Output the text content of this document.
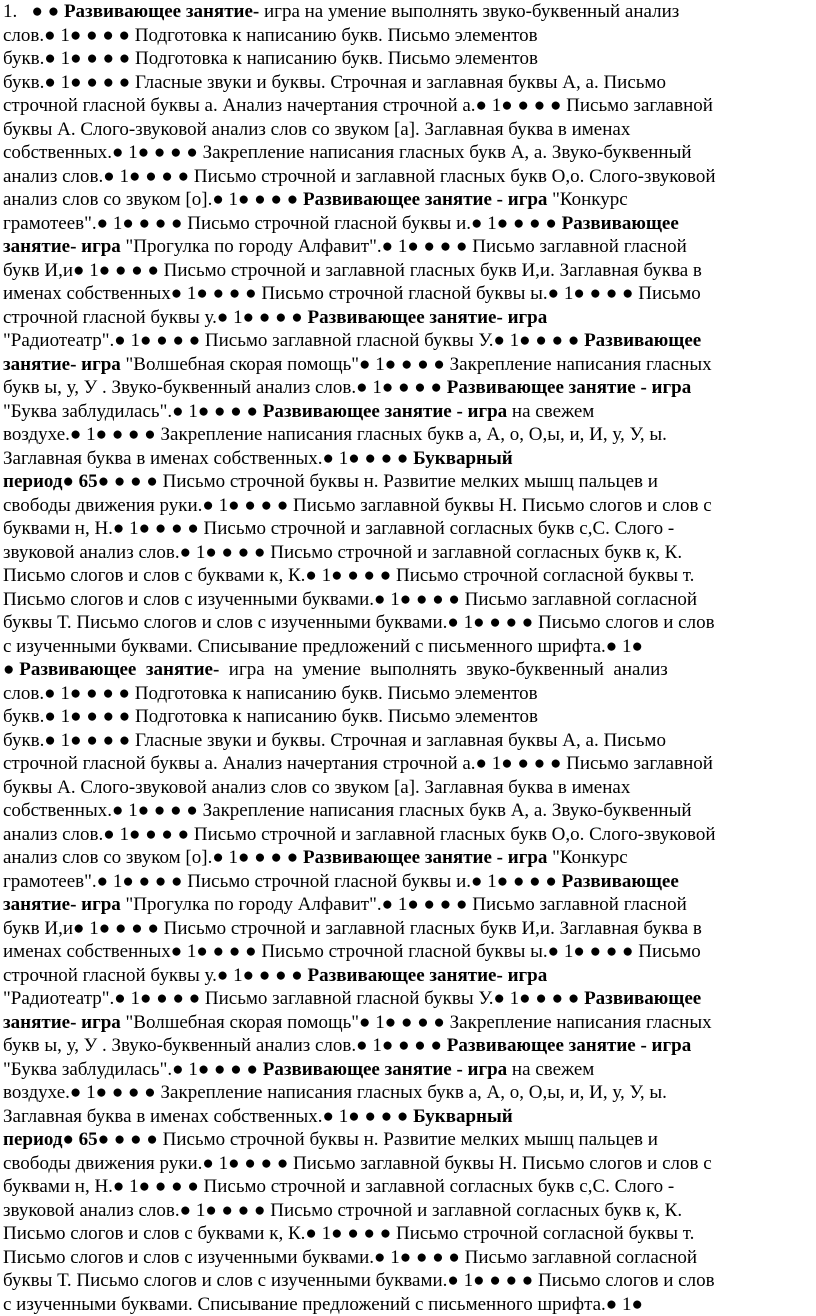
1.   ● ● Развивающее занятие- игра на умение выполнять звуко-буквенный анализ
слов.● 1● ● ● ● Подготовка к написанию букв. Письмо элементов
букв.● 1● ● ● ● Подготовка к написанию букв. Письмо элементов
букв.● 1● ● ● ● Гласные звуки и буквы. Строчная и заглавная буквы А, а. Письмо
строчной гласной буквы а. Анализ начертания строчной а.● 1● ● ● ● Письмо заглавной
буквы А. Слого-звуковой анализ слов со звуком [а]. Заглавная буква в именах
собственных.● 1● ● ● ● Закрепление написания гласных букв А, а. Звуко-буквенный
анализ слов.● 1● ● ● ● Письмо строчной и заглавной гласных букв О,о. Слого-звуковой
анализ слов со звуком [о].● 1● ● ● ● Развивающее занятие - игра "Конкурс
грамотеев".● 1● ● ● ● Письмо строчной гласной буквы и.● 1● ● ● ● Развивающее
занятие- игра "Прогулка по городу Алфавит".● 1● ● ● ● Письмо заглавной гласной
букв И,и● 1● ● ● ● Письмо строчной и заглавной гласных букв И,и. Заглавная буква в
именах собственных● 1● ● ● ● Письмо строчной гласной буквы ы.● 1● ● ● ● Письмо
строчной гласной буквы у.● 1● ● ● ● Развивающее занятие- игра
"Радиотеатр".● 1● ● ● ● Письмо заглавной гласной буквы У.● 1● ● ● ● Развивающее
занятие- игра "Волшебная скорая помощь"● 1● ● ● ● Закрепление написания гласных
букв ы, у, У . Звуко-буквенный анализ слов.● 1● ● ● ● Развивающее занятие - игра
"Буква заблудилась".● 1● ● ● ● Развивающее занятие - игра на свежем
воздухе.● 1● ● ● ● Закрепление написания гласных букв а, А, о, О,ы, и, И, у, У, ы.
Заглавная буква в именах собственных.● 1● ● ● ● Букварный
период● 65● ● ● ● Письмо строчной буквы н. Развитие мелких мышц пальцев и
свободы движения руки.● 1● ● ● ● Письмо заглавной буквы Н. Письмо слогов и слов с
буквами н, Н.● 1● ● ● ● Письмо строчной и заглавной согласных букв с,С. Слого -
звуковой анализ слов.● 1● ● ● ● Письмо строчной и заглавной согласных букв к, К.
Письмо слогов и слов с буквами к, К.● 1● ● ● ● Письмо строчной согласной буквы т.
Письмо слогов и слов с изученными буквами.● 1● ● ● ● Письмо заглавной согласной
буквы Т. Письмо слогов и слов с изученными буквами.● 1● ● ● ● Письмо слогов и слов
с изученными буквами. Списывание предложений с письменного шрифта.● 1●
● Развивающее  занятие-  игра  на  умение  выполнять  звуко-буквенный  анализ
слов.● 1● ● ● ● Подготовка к написанию букв. Письмо элементов
букв.● 1● ● ● ● Подготовка к написанию букв. Письмо элементов
букв.● 1● ● ● ● Гласные звуки и буквы. Строчная и заглавная буквы А, а. Письмо
строчной гласной буквы а. Анализ начертания строчной а.● 1● ● ● ● Письмо заглавной
буквы А. Слого-звуковой анализ слов со звуком [а]. Заглавная буква в именах
собственных.● 1● ● ● ● Закрепление написания гласных букв А, а. Звуко-буквенный
анализ слов.● 1● ● ● ● Письмо строчной и заглавной гласных букв О,о. Слого-звуковой
анализ слов со звуком [о].● 1● ● ● ● Развивающее занятие - игра "Конкурс
грамотеев".● 1● ● ● ● Письмо строчной гласной буквы и.● 1● ● ● ● Развивающее
занятие- игра "Прогулка по городу Алфавит".● 1● ● ● ● Письмо заглавной гласной
букв И,и● 1● ● ● ● Письмо строчной и заглавной гласных букв И,и. Заглавная буква в
именах собственных● 1● ● ● ● Письмо строчной гласной буквы ы.● 1● ● ● ● Письмо
строчной гласной буквы у.● 1● ● ● ● Развивающее занятие- игра
"Радиотеатр".● 1● ● ● ● Письмо заглавной гласной буквы У.● 1● ● ● ● Развивающее
занятие- игра "Волшебная скорая помощь"● 1● ● ● ● Закрепление написания гласных
букв ы, у, У . Звуко-буквенный анализ слов.● 1● ● ● ● Развивающее занятие - игра
"Буква заблудилась".● 1● ● ● ● Развивающее занятие - игра на свежем
воздухе.● 1● ● ● ● Закрепление написания гласных букв а, А, о, О,ы, и, И, у, У, ы.
Заглавная буква в именах собственных.● 1● ● ● ● Букварный
период● 65● ● ● ● Письмо строчной буквы н. Развитие мелких мышц пальцев и
свободы движения руки.● 1● ● ● ● Письмо заглавной буквы Н. Письмо слогов и слов с
буквами н, Н.● 1● ● ● ● Письмо строчной и заглавной согласных букв с,С. Слого -
звуковой анализ слов.● 1● ● ● ● Письмо строчной и заглавной согласных букв к, К.
Письмо слогов и слов с буквами к, К.● 1● ● ● ● Письмо строчной согласной буквы т.
Письмо слогов и слов с изученными буквами.● 1● ● ● ● Письмо заглавной согласной
буквы Т. Письмо слогов и слов с изученными буквами.● 1● ● ● ● Письмо слогов и слов
с изученными буквами. Списывание предложений с письменного шрифта.● 1●
